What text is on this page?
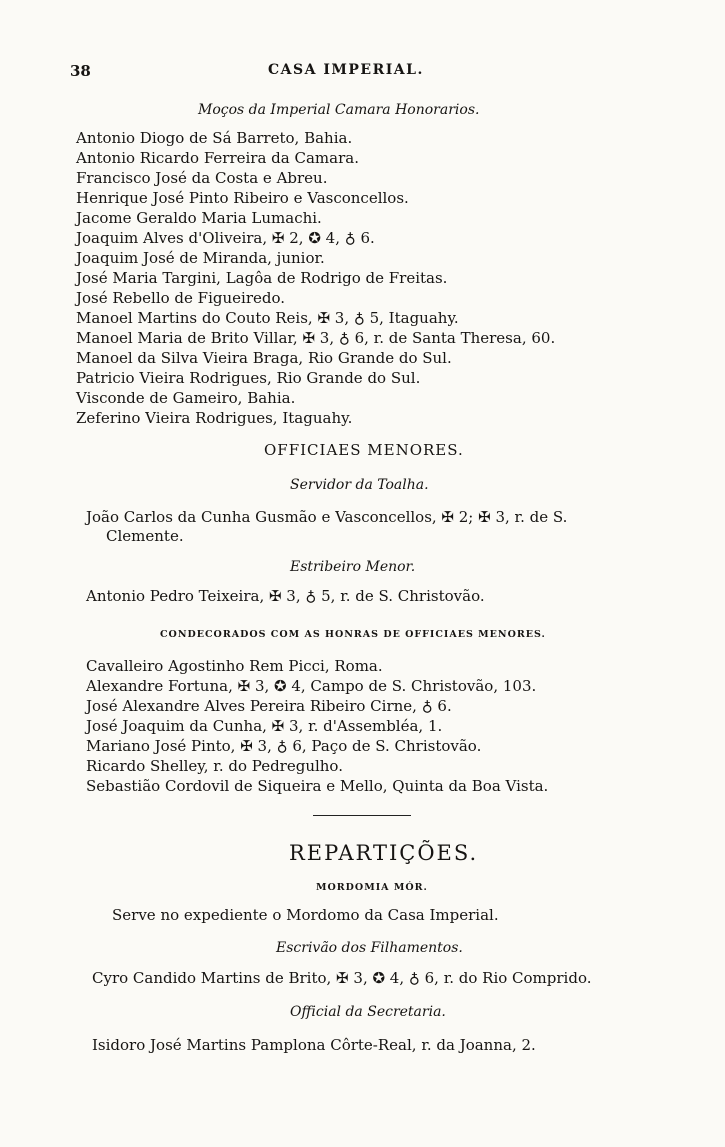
38	CASA IMPERIAL.
Moços da Imperial Camara Honorarios.
Antonio Diogo de Sá Barreto, Bahia.
Antonio Ricardo Ferreira da Camara.
Francisco José da Costa e Abreu.
Henrique José Pinto Ribeiro e Vasconcellos.
Jacome Geraldo Maria Lumachi.
Joaquim Alves d'Oliveira, ✠ 2, ✪ 4, ♁ 6.
Joaquim José de Miranda, junior.
José Maria Targini, Lagôa de Rodrigo de Freitas.
José Rebello de Figueiredo.
Manoel Martins do Couto Reis, ✠ 3, ♁ 5, Itaguahy.
Manoel Maria de Brito Villar, ✠ 3, ♁ 6, r. de Santa Theresa, 60.
Manoel da Silva Vieira Braga, Rio Grande do Sul.
Patricio Vieira Rodrigues, Rio Grande do Sul.
Visconde de Gameiro, Bahia.
Zeferino Vieira Rodrigues, Itaguahy.
OFFICIAES MENORES.
Servidor da Toalha.
João Carlos da Cunha Gusmão e Vasconcellos, ✠ 2; ✠ 3, r. de S.
Clemente.
Estribeiro Menor.
Antonio Pedro Teixeira, ✠ 3, ♁ 5, r. de S. Christovão.
CONDECORADOS COM AS HONRAS DE OFFICIAES MENORES.
Cavalleiro Agostinho Rem Picci, Roma.
Alexandre Fortuna, ✠ 3, ✪ 4, Campo de S. Christovão, 103.
José Alexandre Alves Pereira Ribeiro Cirne, ♁ 6.
José Joaquim da Cunha, ✠ 3, r. d'Assembléa, 1.
Mariano José Pinto, ✠ 3, ♁ 6, Paço de S. Christovão.
Ricardo Shelley, r. do Pedregulho.
Sebastião Cordovil de Siqueira e Mello, Quinta da Boa Vista.
REPARTIÇÕES.
MORDOMIA MÓR.
Serve no expediente o Mordomo da Casa Imperial.
Escrivão dos Filhamentos.
Cyro Candido Martins de Brito, ✠ 3, ✪ 4, ♁ 6, r. do Rio Comprido.
Official da Secretaria.
Isidoro José Martins Pamplona Côrte-Real, r. da Joanna, 2.
